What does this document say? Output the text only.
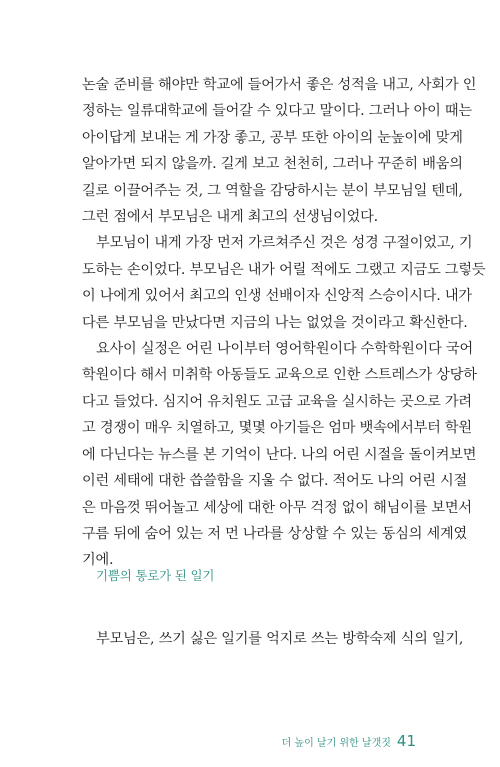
논술 준비를 해야만 학교에 들어가서 좋은 성적을 내고, 사회가 인
정하는 일류대학교에 들어갈 수 있다고 말이다. 그러나 아이 때는
아이답게 보내는 게 가장 좋고, 공부 또한 아이의 눈높이에 맞게
알아가면 되지 않을까. 길게 보고 천천히, 그러나 꾸준히 배움의
길로 이끌어주는 것, 그 역할을 감당하시는 분이 부모님일 텐데,
그런 점에서 부모님은 내게 최고의 선생님이었다.
부모님이 내게 가장 먼저 가르쳐주신 것은 성경 구절이었고, 기
도하는 손이었다. 부모님은 내가 어릴 적에도 그랬고 지금도 그렇듯
이 나에게 있어서 최고의 인생 선배이자 신앙적 스승이시다. 내가
다른 부모님을 만났다면 지금의 나는 없었을 것이라고 확신한다.
요사이 실정은 어린 나이부터 영어학원이다 수학학원이다 국어
학원이다 해서 미취학 아동들도 교육으로 인한 스트레스가 상당하
다고 들었다. 심지어 유치원도 고급 교육을 실시하는 곳으로 가려
고 경쟁이 매우 치열하고, 몇몇 아기들은 엄마 뱃속에서부터 학원
에 다닌다는 뉴스를 본 기억이 난다. 나의 어린 시절을 돌이켜보면
이런 세태에 대한 씁쓸함을 지울 수 없다. 적어도 나의 어린 시절
은 마음껏 뛰어놀고 세상에 대한 아무 걱정 없이 해님이를 보면서
구름 뒤에 숨어 있는 저 먼 나라를 상상할 수 있는 동심의 세계였
기에.
기쁨의 통로가 된 일기
부모님은, 쓰기 싫은 일기를 억지로 쓰는 방학숙제 식의 일기,
더 높이 날기 위한 날갯짓 41
